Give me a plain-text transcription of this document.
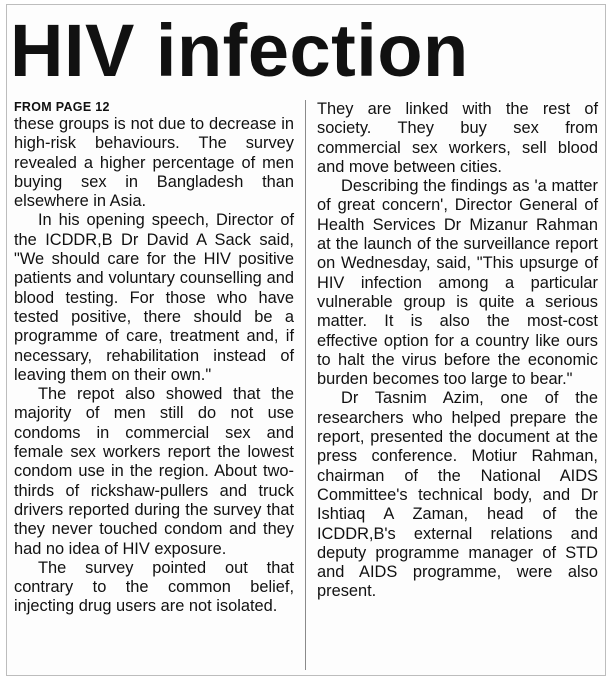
HIV infection
FROM PAGE 12

these groups is not due to decrease in high-risk behaviours. The survey revealed a higher percentage of men buying sex in Bangladesh than elsewhere in Asia.

In his opening speech, Director of the ICDDR,B Dr David A Sack said, "We should care for the HIV positive patients and voluntary counselling and blood testing. For those who have tested positive, there should be a programme of care, treatment and, if necessary, rehabilitation instead of leaving them on their own."

The repot also showed that the majority of men still do not use condoms in commercial sex and female sex workers report the lowest condom use in the region. About two-thirds of rickshaw-pullers and truck drivers reported during the survey that they never touched condom and they had no idea of HIV exposure.

The survey pointed out that contrary to the common belief, injecting drug users are not isolated.

They are linked with the rest of society. They buy sex from commercial sex workers, sell blood and move between cities.

Describing the findings as 'a matter of great concern', Director General of Health Services Dr Mizanur Rahman at the launch of the surveillance report on Wednesday, said, "This upsurge of HIV infection among a particular vulnerable group is quite a serious matter. It is also the most-cost effective option for a country like ours to halt the virus before the economic burden becomes too large to bear."

Dr Tasnim Azim, one of the researchers who helped prepare the report, presented the document at the press conference. Motiur Rahman, chairman of the National AIDS Committee's technical body, and Dr Ishtiaq A Zaman, head of the ICDDR,B's external relations and deputy programme manager of STD and AIDS programme, were also present.
